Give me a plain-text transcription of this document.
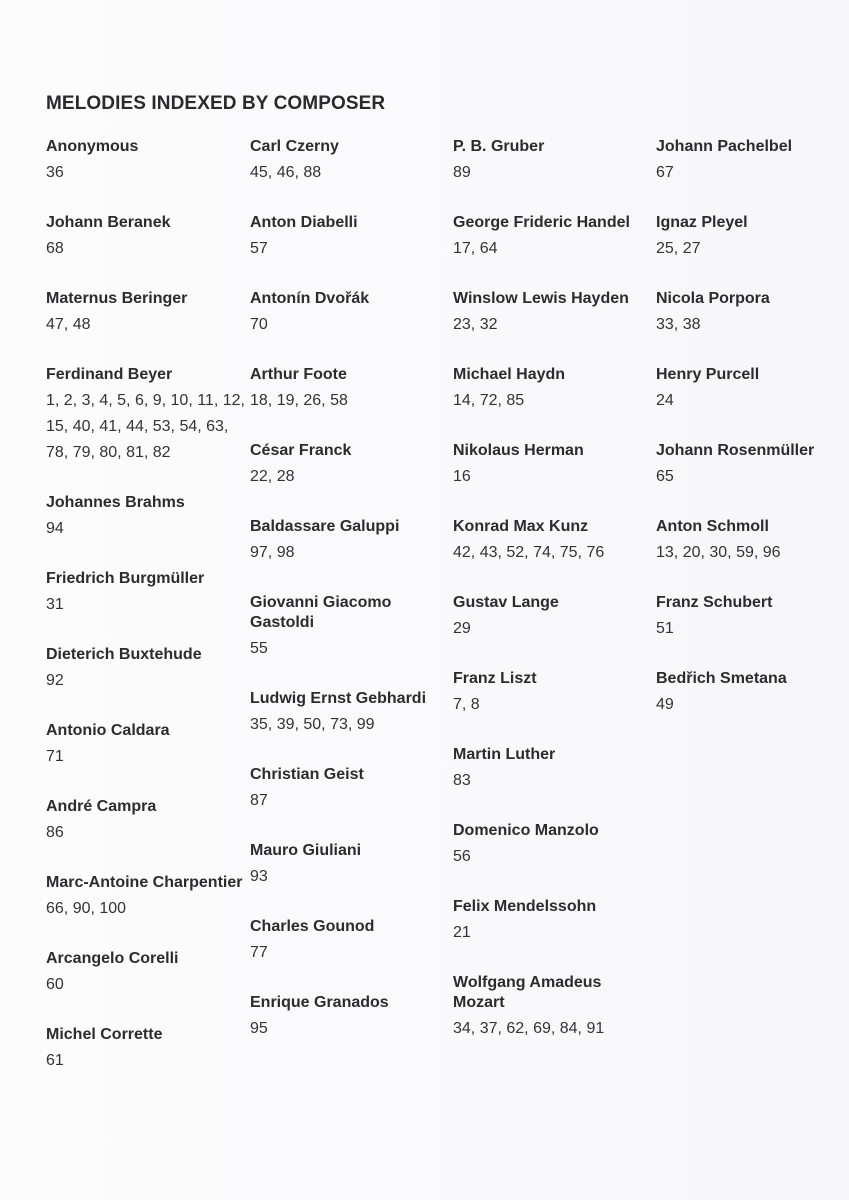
MELODIES INDEXED BY COMPOSER
Anonymous
36
Johann Beranek
68
Maternus Beringer
47, 48
Ferdinand Beyer
1, 2, 3, 4, 5, 6, 9, 10, 11, 12, 15, 40, 41, 44, 53, 54, 63, 78, 79, 80, 81, 82
Johannes Brahms
94
Friedrich Burgmüller
31
Dieterich Buxtehude
92
Antonio Caldara
71
André Campra
86
Marc-Antoine Charpentier
66, 90, 100
Arcangelo Corelli
60
Michel Corrette
61
Carl Czerny
45, 46, 88
Anton Diabelli
57
Antonín Dvořák
70
Arthur Foote
18, 19, 26, 58
César Franck
22, 28
Baldassare Galuppi
97, 98
Giovanni Giacomo Gastoldi
55
Ludwig Ernst Gebhardi
35, 39, 50, 73, 99
Christian Geist
87
Mauro Giuliani
93
Charles Gounod
77
Enrique Granados
95
P. B. Gruber
89
George Frideric Handel
17, 64
Winslow Lewis Hayden
23, 32
Michael Haydn
14, 72, 85
Nikolaus Herman
16
Konrad Max Kunz
42, 43, 52, 74, 75, 76
Gustav Lange
29
Franz Liszt
7, 8
Martin Luther
83
Domenico Manzolo
56
Felix Mendelssohn
21
Wolfgang Amadeus Mozart
34, 37, 62, 69, 84, 91
Johann Pachelbel
67
Ignaz Pleyel
25, 27
Nicola Porpora
33, 38
Henry Purcell
24
Johann Rosenmüller
65
Anton Schmoll
13, 20, 30, 59, 96
Franz Schubert
51
Bedřich Smetana
49
